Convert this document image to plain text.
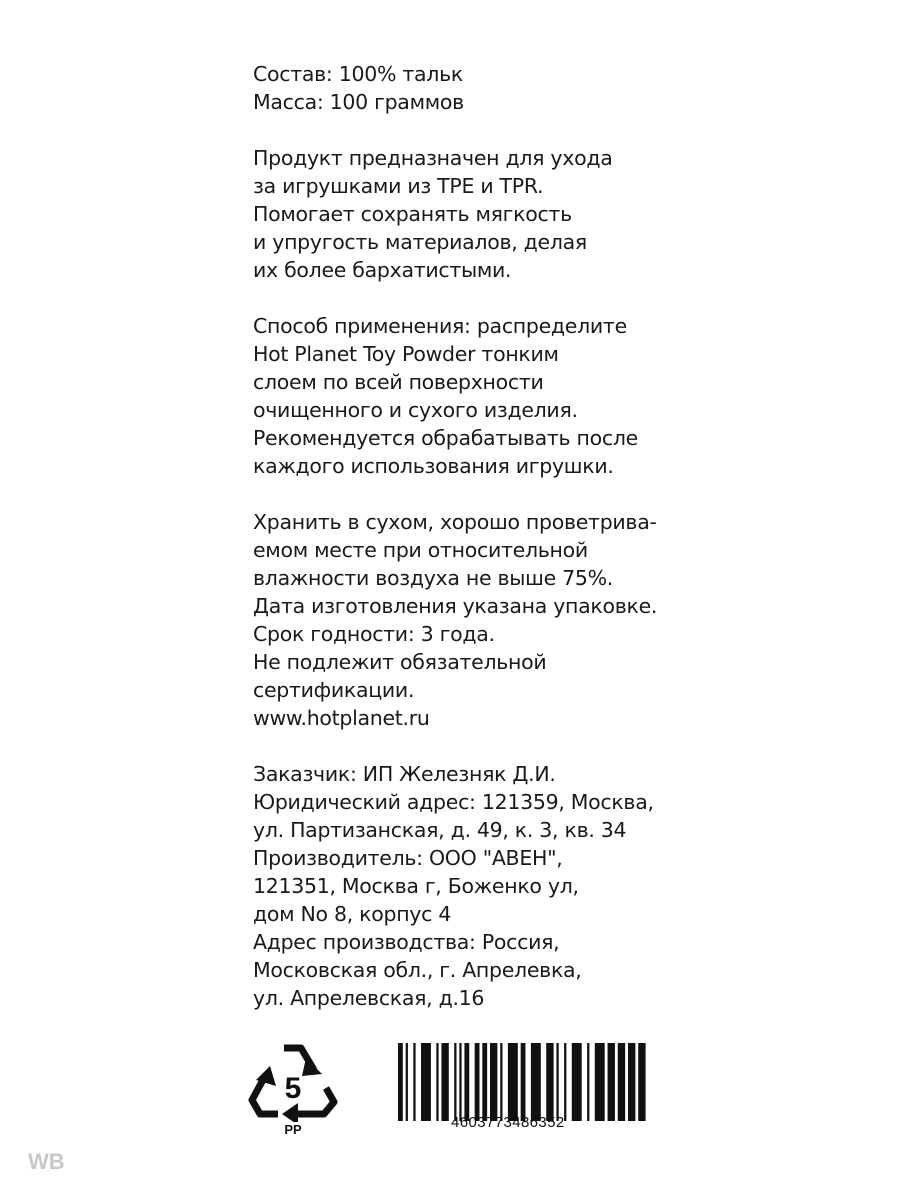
Состав: 100% тальк
Масса: 100 граммов

Продукт предназначен для ухода
за игрушками из TPE и TPR.
Помогает сохранять мягкость
и упругость материалов, делая
их более бархатистыми.

Способ применения: распределите
Hot Planet Toy Powder тонким
слоем по всей поверхности
очищенного и сухого изделия.
Рекомендуется обрабатывать после
каждого использования игрушки.

Хранить в сухом, хорошо проветрива-
емом месте при относительной
влажности воздуха не выше 75%.
Дата изготовления указана упаковке.
Срок годности: 3 года.
Не подлежит обязательной
сертификации.
www.hotplanet.ru

Заказчик: ИП Железняк Д.И.
Юридический адрес: 121359, Москва,
ул. Партизанская, д. 49, к. 3, кв. 34
Производитель: ООО "АВЕН",
121351, Москва г, Боженко ул,
дом No 8, корпус 4
Адрес производства: Россия,
Московская обл., г. Апрелевка,
ул. Апрелевская, д.16

5
PP	4603773486352
WB
